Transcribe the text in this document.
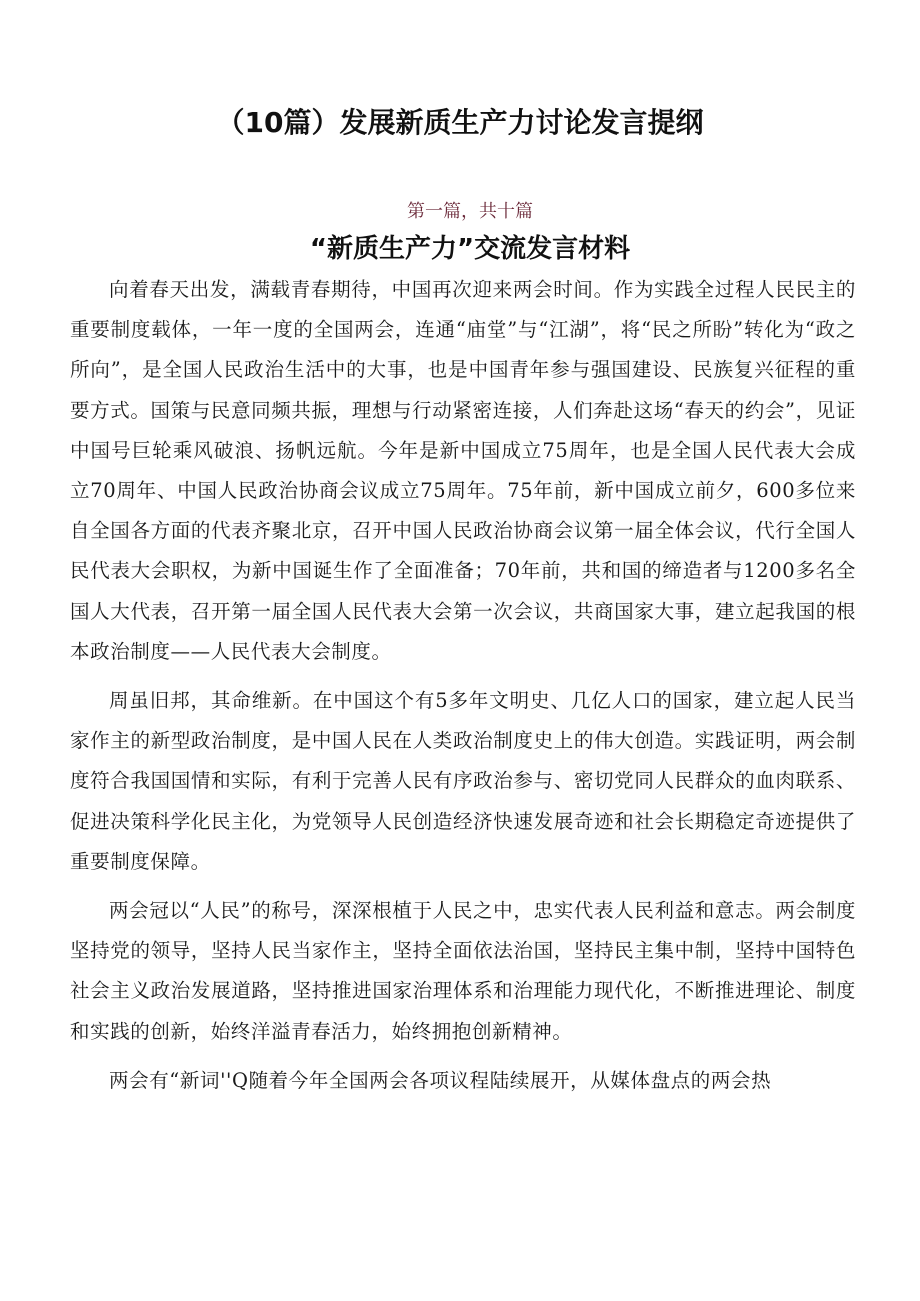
（10篇）发展新质生产力讨论发言提纲
第一篇，共十篇
“新质生产力”交流发言材料

向着春天出发，满载青春期待，中国再次迎来两会时间。作为实践全过程人民民主的重要制度载体，一年一度的全国两会，连通“庙堂”与“江湖”，将“民之所盼”转化为“政之所向”，是全国人民政治生活中的大事，也是中国青年参与强国建设、民族复兴征程的重要方式。国策与民意同频共振，理想与行动紧密连接，人们奔赴这场“春天的约会”，见证中国号巨轮乘风破浪、扬帆远航。今年是新中国成立75周年，也是全国人民代表大会成立70周年、中国人民政治协商会议成立75周年。75年前，新中国成立前夕，600多位来自全国各方面的代表齐聚北京，召开中国人民政治协商会议第一届全体会议，代行全国人民代表大会职权，为新中国诞生作了全面准备；70年前，共和国的缔造者与1200多名全国人大代表，召开第一届全国人民代表大会第一次会议，共商国家大事，建立起我国的根本政治制度——人民代表大会制度。

周虽旧邦，其命维新。在中国这个有5多年文明史、几亿人口的国家，建立起人民当家作主的新型政治制度，是中国人民在人类政治制度史上的伟大创造。实践证明，两会制度符合我国国情和实际，有利于完善人民有序政治参与、密切党同人民群众的血肉联系、促进决策科学化民主化，为党领导人民创造经济快速发展奇迹和社会长期稳定奇迹提供了重要制度保障。

两会冠以“人民”的称号，深深根植于人民之中，忠实代表人民利益和意志。两会制度坚持党的领导，坚持人民当家作主，坚持全面依法治国，坚持民主集中制，坚持中国特色社会主义政治发展道路，坚持推进国家治理体系和治理能力现代化，不断推进理论、制度和实践的创新，始终洋溢青春活力，始终拥抱创新精神。

两会有“新词''Q随着今年全国两会各项议程陆续展开，从媒体盘点的两会热
